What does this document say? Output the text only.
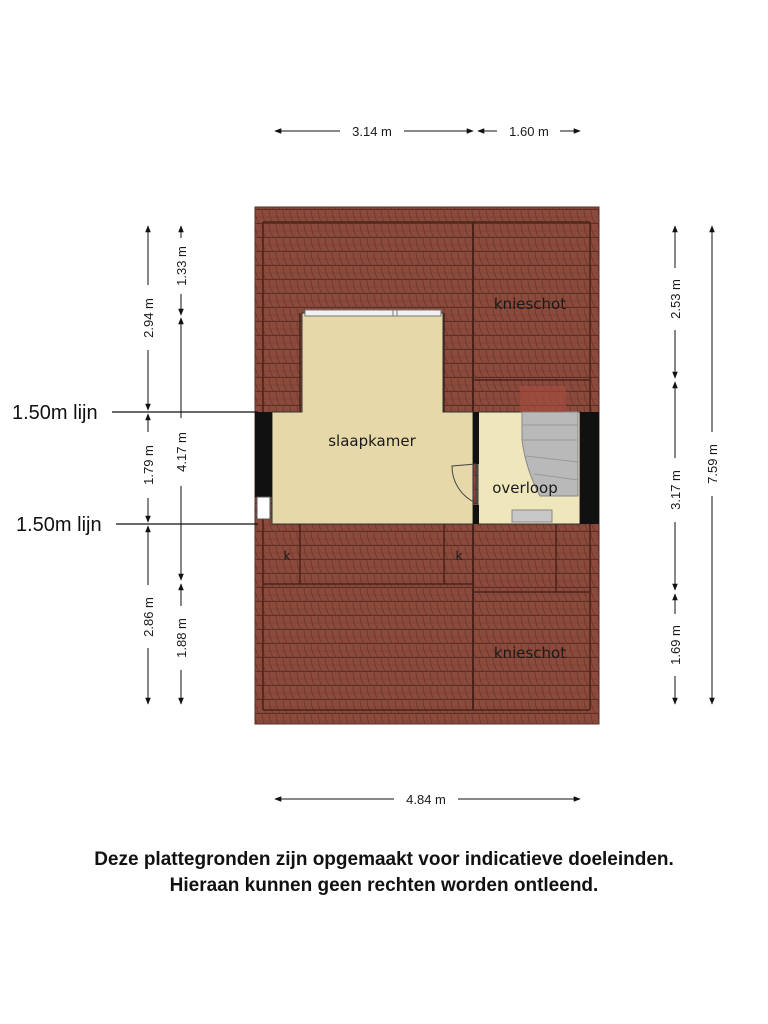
slaapkamer
overloop
knieschot
knieschot
k	k
1.50m lijn
1.50m lijn
3.14 m	1.60 m
4.84 m
2.94 m
1.79 m
2.86 m
1.33 m
4.17 m
1.88 m
2.53 m
3.17 m
1.69 m
7.59 m
Deze plattegronden zijn opgemaakt voor indicatieve doeleinden.
Hieraan kunnen geen rechten worden ontleend.
